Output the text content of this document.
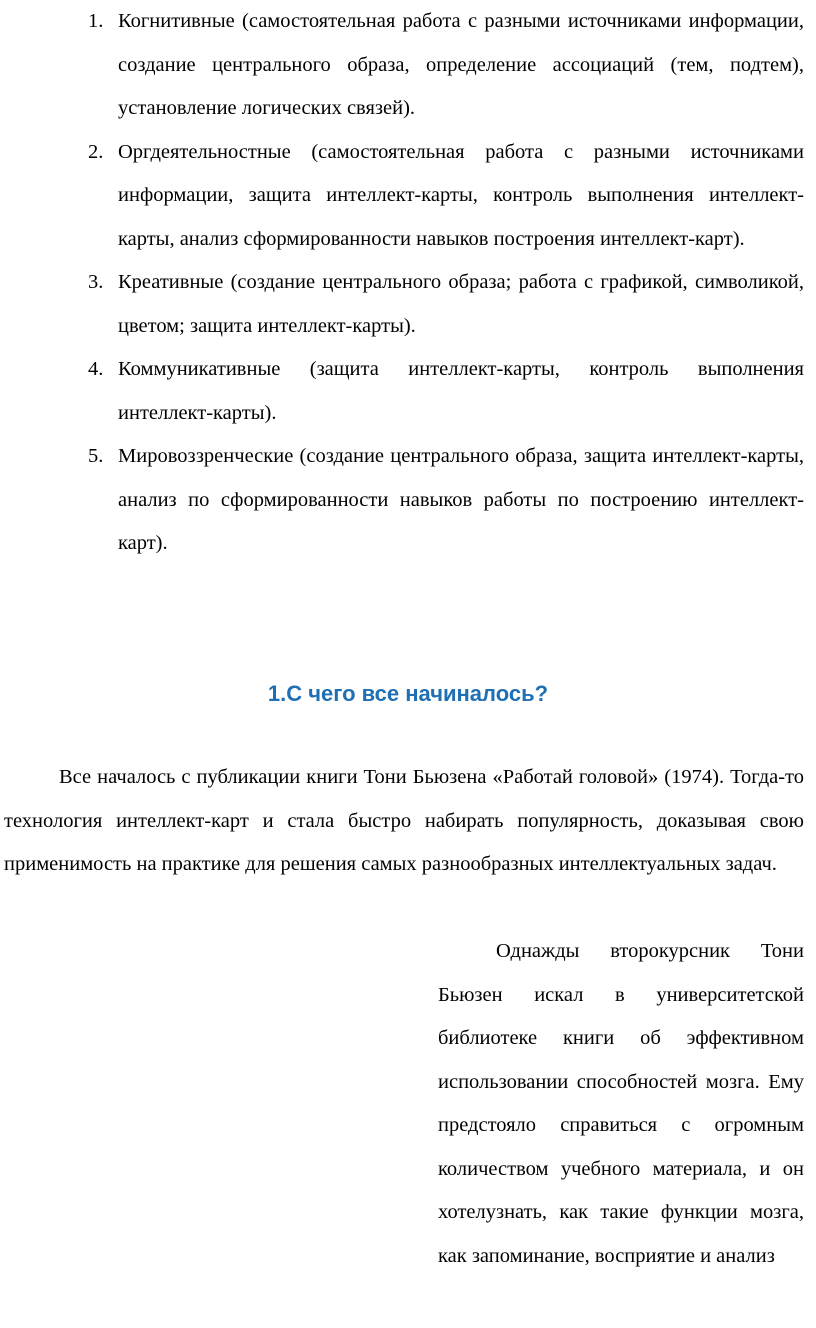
1. Когнитивные (самостоятельная работа с разными источниками информации, создание центрального образа, определение ассоциаций (тем, подтем), установление логических связей).
2. Оргдеятельностные (самостоятельная работа с разными источниками информации, защита интеллект-карты, контроль выполнения интеллект-карты, анализ сформированности навыков построения интеллект-карт).
3. Креативные (создание центрального образа; работа с графикой, символикой, цветом; защита интеллект-карты).
4. Коммуникативные (защита интеллект-карты, контроль выполнения интеллект-карты).
5. Мировоззренческие (создание центрального образа, защита интеллект-карты, анализ по сформированности навыков работы по построению интеллект-карт).
1.С чего все начиналось?

Все началось с публикации книги Тони Бьюзена «Работай головой» (1974). Тогда-то технология интеллект-карт и стала быстро набирать популярность, доказывая свою применимость на практике для решения самых разнообразных интеллектуальных задач.

Однажды второкурсник Тони Бьюзен искал в университетской библиотеке книги об эффективном использовании способностей мозга. Ему предстояло справиться с огромным количеством учебного материала, и он хотелузнать, как такие функции мозга, как запоминание, восприятие и анализ
